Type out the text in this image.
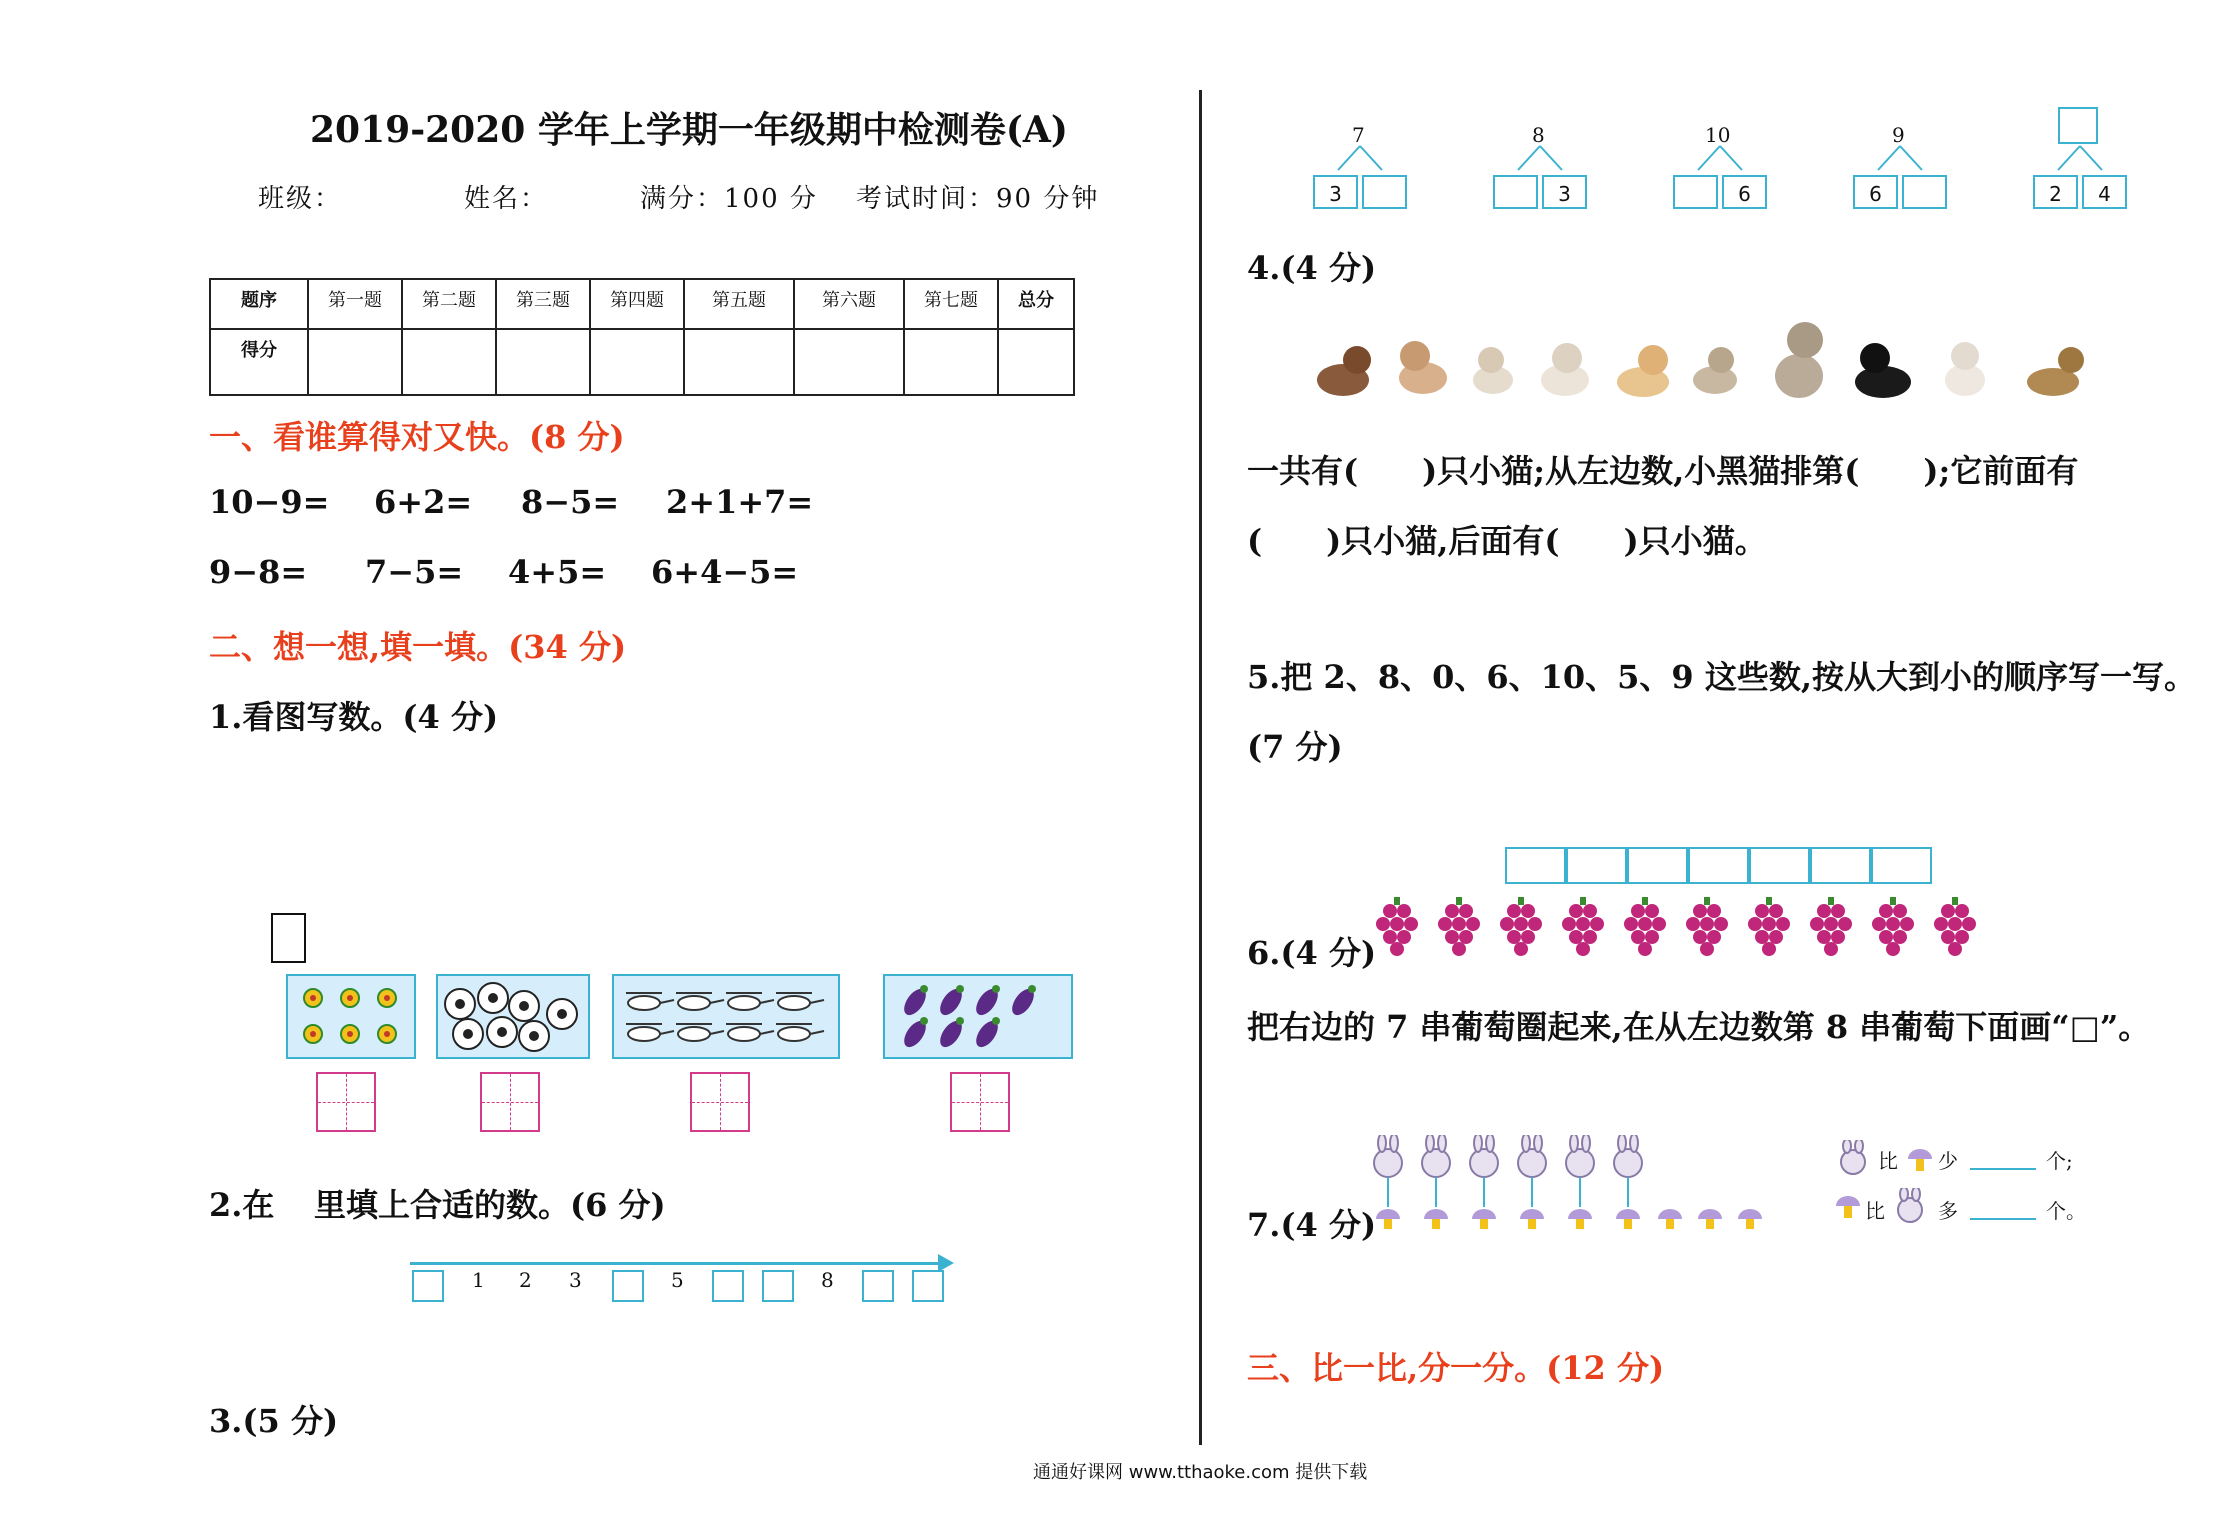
2019-2020 学年上学期一年级期中检测卷(A)
班级：	姓名：	满分：100 分 考试时间：90 分钟
题序	第一题	第二题	第三题	第四题	第五题	第六题	第七题	总分
得分								
一、看谁算得对又快。(8 分)
10−9= 6+2= 8−5= 2+1+7=
9−8= 7−5= 4+5= 6+4−5=
二、想一想,填一填。(34 分)
1.看图写数。(4 分)
2.在 里填上合适的数。(6 分)
1 2 3	5	8
3.(5 分)
7	8	10	9
3	3	6	6	2	4
4.(4 分)
一共有(　　)只小猫;从左边数,小黑猫排第(　　);它前面有
(　　)只小猫,后面有(　　)只小猫。
5.把 2、8、0、6、10、5、9 这些数,按从大到小的顺序写一写。
(7 分)
6.(4 分)
把右边的 7 串葡萄圈起来,在从左边数第 8 串葡萄下面画“□”。
7.(4 分)
比 少	个;
比	多	个。
三、比一比,分一分。(12 分)
通通好课网 www.tthaoke.com 提供下载
